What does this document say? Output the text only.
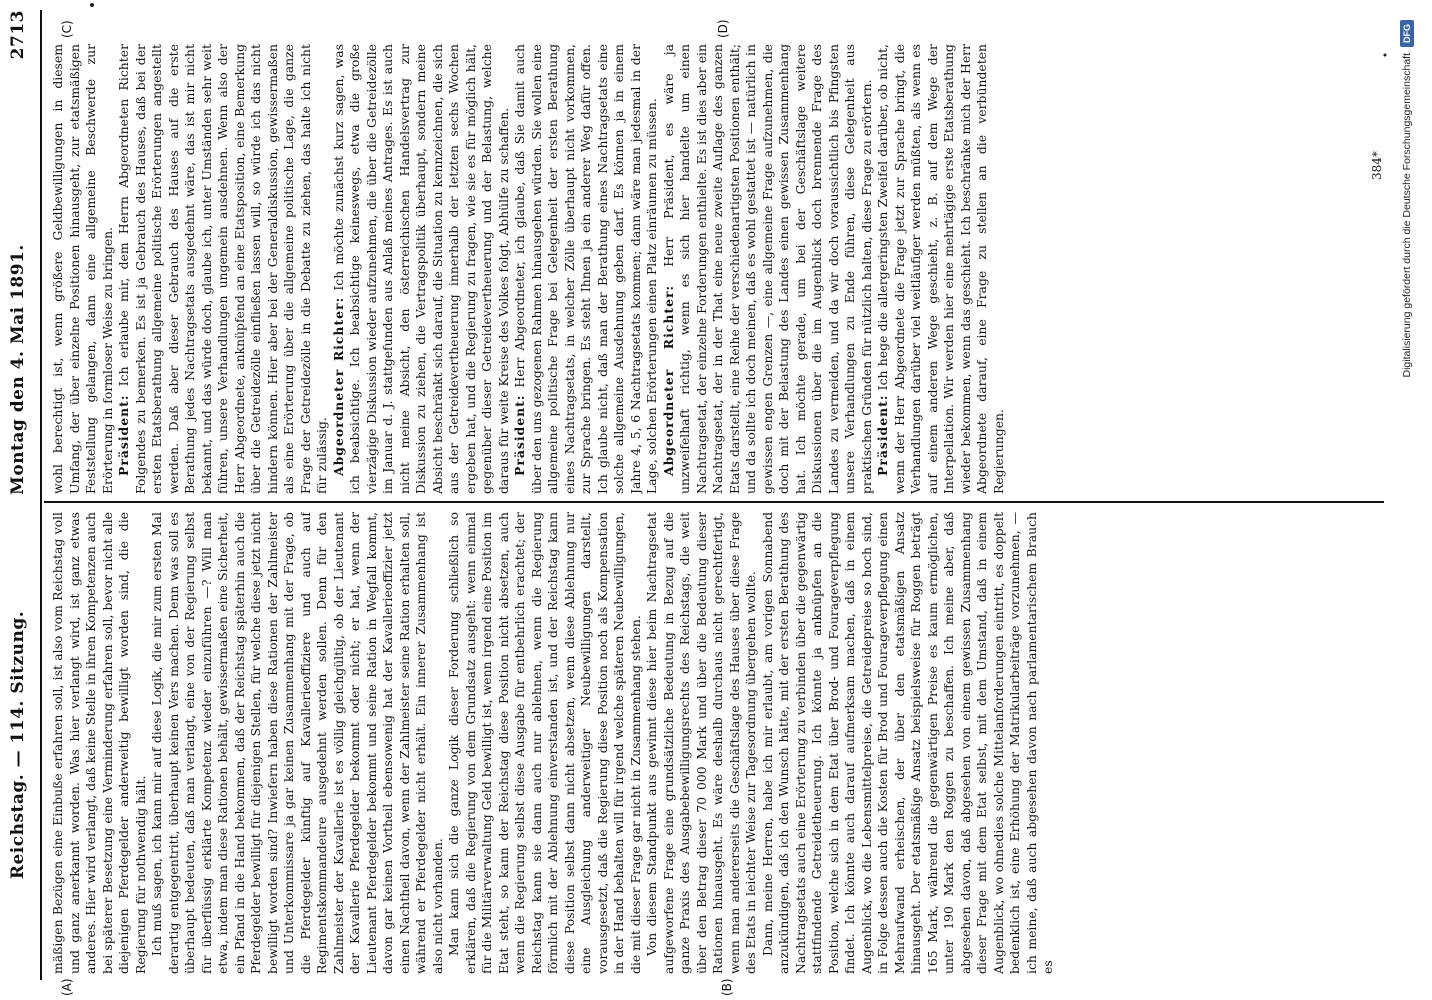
Reichstag. — 114. Sitzung.
Montag den 4. Mai 1891.
2713
(A)	(B)
(C)	(D)

mäßigen Bezügen eine Einbuße erfahren soll, ist also vom Reichstag voll und ganz anerkannt worden. Was hier verlangt wird, ist ganz etwas anderes. Hier wird verlangt, daß keine Stelle in ihren Kompetenzen auch bei späterer Besetzung eine Verminderung erfahren soll, bevor nicht alle diejenigen Pferdegelder anderweitig bewilligt worden sind, die die Regierung für nothwendig hält. Ich muß sagen, ich kann mir auf diese Logik, die mir zum ersten Mal derartig entgegentritt, überhaupt keinen Vers machen. Denn was soll es überhaupt bedeuten, daß man verlangt, eine von der Regierung selbst für überflüssig erklärte Kompetenz wieder einzuführen —? Will man etwa, indem man diese Rationen behält, gewissermaßen eine Sicherheit, ein Pfand in die Hand bekommen, daß der Reichstag späterhin auch die Pferdegelder bewilligt für diejenigen Stellen, für welche diese jetzt nicht bewilligt worden sind? Inwiefern haben diese Rationen der Zahlmeister und Unterkommissare ja gar keinen Zusammenhang mit der Frage, ob die Pferdegelder künftig auf Kavallerieoffiziere und auch auf Regimentskommandeure ausgedehnt werden sollen. Denn für den Zahlmeister der Kavallerie ist es völlig gleichgültig, ob der Lieutenant der Kavallerie Pferdegelder bekommt oder nicht; er hat, wenn der Lieutenant Pferdegelder bekommt und seine Ration in Wegfall kommt, davon gar keinen Vortheil ebensowenig hat der Kavallerieoffizier jetzt einen Nachtheil davon, wenn der Zahlmeister seine Ration erhalten soll, während er Pferdegelder nicht erhält. Ein innerer Zusammenhang ist also nicht vorhanden. Man kann sich die ganze Logik dieser Forderung schließlich so erklären, daß die Regierung von dem Grundsatz ausgeht: wenn einmal für die Militärverwaltung Geld bewilligt ist, wenn irgend eine Position im Etat steht, so kann der Reichstag diese Position nicht absetzen, auch wenn die Regierung selbst diese Ausgabe für entbehrlich erachtet; der Reichstag kann sie dann auch nur ablehnen, wenn die Regierung förmlich mit der Ablehnung einverstanden ist, und der Reichstag kann diese Position selbst dann nicht absetzen, wenn diese Ablehnung nur eine Ausgleichung anderweitiger Neubewilligungen darstellt, vorausgesetzt, daß die Regierung diese Position noch als Kompensation in der Hand behalten will für irgend welche späteren Neubewilligungen, die mit dieser Frage gar nicht in Zusammenhang stehen. Von diesem Standpunkt aus gewinnt diese hier beim Nachtragsetat aufgeworfene Frage eine grundsätzliche Bedeutung in Bezug auf die ganze Praxis des Ausgabebewilligungsrechts des Reichstags, die weit über den Betrag dieser 70 000 Mark und über die Bedeutung dieser Rationen hinausgeht. Es wäre deshalb durchaus nicht gerechtfertigt, wenn man andererseits die Geschäftslage des Hauses über diese Frage des Etats in leichter Weise zur Tagesordnung übergehen wollte. Dann, meine Herren, habe ich mir erlaubt, am vorigen Sonnabend anzukündigen, daß ich den Wunsch hätte, mit der ersten Berathung des Nachtragsetats auch eine Erörterung zu verbinden über die gegenwärtig stattfindende Getreidetheuerung. Ich könnte ja anknüpfen an die Position, welche sich in dem Etat über Brod- und Fourageverpflegung findet. Ich könnte auch darauf aufmerksam machen, daß in einem Augenblick, wo die Lebensmittelpreise, die Getreidepreise so hoch sind, in Folge dessen auch die Kosten für Brod und Fourageverpflegung einen Mehraufwand erheischen, der über den etatsmäßigen Ansatz hinausgeht. Der etatsmäßige Ansatz beispielsweise für Roggen beträgt 165 Mark, während die gegenwärtigen Preise es kaum ermöglichen, unter 190 Mark den Roggen zu beschaffen. Ich meine aber, daß abgesehen davon, daß abgesehen von einem gewissen Zusammenhang dieser Frage mit dem Etat selbst, mit dem Umstand, daß in einem Augenblick, wo ohnedies solche Mittelanforderungen eintritt, es doppelt bedenklich ist, eine Erhöhung der Matrikularbeiträge vorzunehmen, — ich meine, daß auch abgesehen davon nach parlamentarischem Brauch es

wohl berechtigt ist, wenn größere Geldbewilligungen in diesem Umfang, der über einzelne Positionen hinausgeht, zur etatsmäßigen Feststellung gelangen, dann eine allgemeine Beschwerde zur Erörterung in formloser Weise zu bringen. Präsident: Ich erlaube mir, dem Herrn Abgeordneten Richter Folgendes zu bemerken. Es ist ja Gebrauch des Hauses, daß bei der ersten Etatsberathung allgemeine politische Erörterungen angestellt werden. Daß aber dieser Gebrauch des Hauses auf die erste Berathung jedes Nachtragsetats ausgedehnt wäre, das ist mir nicht bekannt, und das würde doch, glaube ich, unter Umständen sehr weit führen, unsere Verhandlungen ungemein ausdehnen. Wenn also der Herr Abgeordnete, anknüpfend an eine Etatsposition, eine Bemerkung über die Getreidezölle einfließen lassen will, so würde ich das nicht hindern können. Hier aber bei der Generaldiskussion, gewissermaßen als eine Erörterung über die allgemeine politische Lage, die ganze Frage der Getreidezölle in die Debatte zu ziehen, das halte ich nicht für zulässig. Abgeordneter Richter: Ich möchte zunächst kurz sagen, was ich beabsichtige. Ich beabsichtige keineswegs, etwa die große vierzägige Diskussion wieder aufzunehmen, die über die Getreidezölle im Januar d. J. stattgefunden aus Anlaß meines Antrages. Es ist auch nicht meine Absicht, den österreichischen Handelsvertrag zur Diskussion zu ziehen, die Vertragspolitik überhaupt, sondern meine Absicht beschränkt sich darauf, die Situation zu kennzeichnen, die sich aus der Getreidevertheuerung innerhalb der letzten sechs Wochen ergeben hat, und die Regierung zu fragen, wie sie es für möglich hält, gegenüber dieser Getreidevertheuerung und der Belastung, welche daraus für weite Kreise des Volkes folgt, Abhülfe zu schaffen. Präsident: Herr Abgeordneter, ich glaube, daß Sie damit auch über den uns gezogenen Rahmen hinausgehen würden. Sie wollen eine allgemeine politische Frage bei Gelegenheit der ersten Berathung eines Nachtragsetats, in welcher Zölle überhaupt nicht vorkommen, zur Sprache bringen. Es steht Ihnen ja ein anderer Weg dafür offen. Ich glaube nicht, daß man der Berathung eines Nachtragsetats eine solche allgemeine Ausdehnung geben darf. Es können ja in einem Jahre 4, 5, 6 Nachtragsetats kommen; dann wäre man jedesmal in der Lage, solchen Erörterungen einen Platz einräumen zu müssen. Abgeordneter Richter: Herr Präsident, es wäre ja unzweifelhaft richtig, wenn es sich hier handelte um einen Nachtragsetat, der einzelne Forderungen enthielte. Es ist dies aber ein Nachtragsetat, der in der That eine neue zweite Auflage des ganzen Etats darstellt, eine Reihe der verschiedenartigsten Positionen enthält; und da sollte ich doch meinen, daß es wohl gestattet ist — natürlich in gewissen engen Grenzen —, eine allgemeine Frage aufzunehmen, die doch mit der Belastung des Landes einen gewissen Zusammenhang hat. Ich möchte gerade, um bei der Geschäftslage weitere Diskussionen über die im Augenblick doch brennende Frage des Landes zu vermeiden, und da wir doch voraussichtlich bis Pfingsten unsere Verhandlungen zu Ende führen, diese Gelegenheit aus praktischen Gründen für nützlich halten, diese Frage zu erörtern. Präsident: Ich hege die allergeringsten Zweifel darüber, ob nicht, wenn der Herr Abgeordnete die Frage jetzt zur Sprache bringt, die Verhandlungen darüber viel weitläufiger werden müßten, als wenn es auf einem anderen Wege geschieht, z. B. auf dem Wege der Interpellation. Wir werden hier eine mehrtägige erste Etatsberathung wieder bekommen, wenn das geschieht. Ich beschränke mich der Herr Abgeordnete darauf, eine Frage zu stellen an die verbündeten Regierungen.

384* Digitalisierung gefördert durch die Deutsche Forschungsgemeinschaft
DFG
